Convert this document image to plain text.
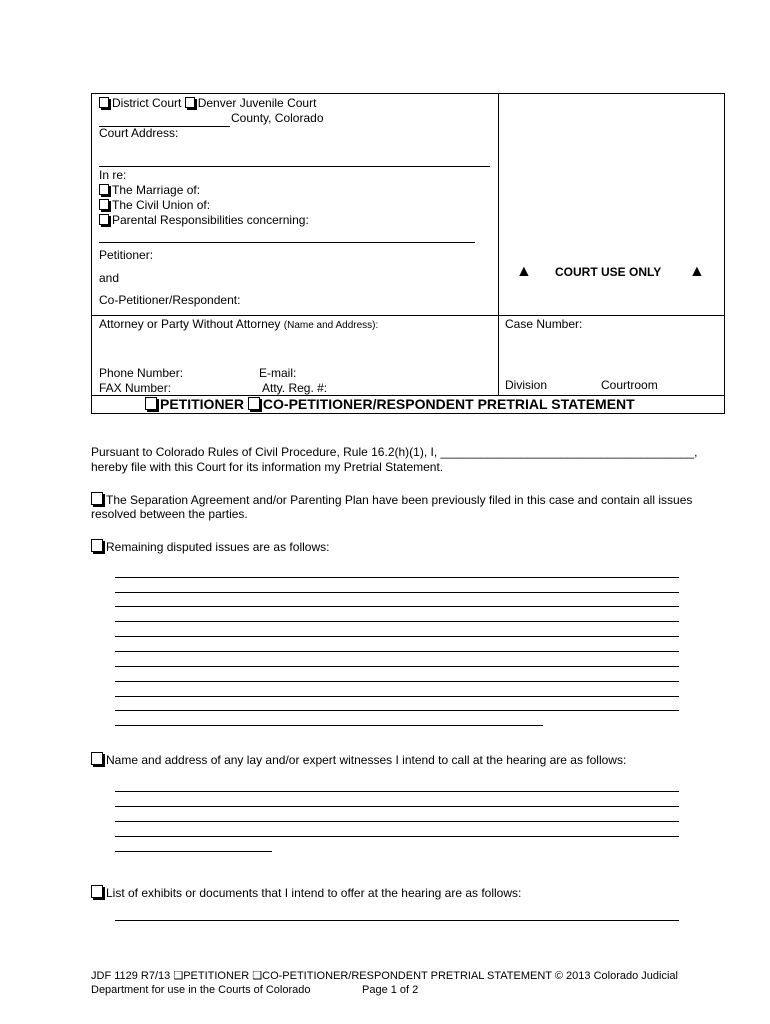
District Court Denver Juvenile Court
County, Colorado
Court Address:
In re:
The Marriage of:
The Civil Union of:
Parental Responsibilities concerning:
Petitioner:
and
Co-Petitioner/Respondent:
▲ COURT USE ONLY ▲
Attorney or Party Without Attorney (Name and Address):	Case Number:
Phone Number:	E-mail:
FAX Number:	Atty. Reg. #:	Division	Courtroom
PETITIONER CO-PETITIONER/RESPONDENT PRETRIAL STATEMENT
Pursuant to Colorado Rules of Civil Procedure, Rule 16.2(h)(1), I, ______________________________________,
hereby file with this Court for its information my Pretrial Statement.
The Separation Agreement and/or Parenting Plan have been previously filed in this case and contain all issues
resolved between the parties.
Remaining disputed issues are as follows:
Name and address of any lay and/or expert witnesses I intend to call at the hearing are as follows:
List of exhibits or documents that I intend to offer at the hearing are as follows:
JDF 1129 R7/13 ❑PETITIONER ❑CO-PETITIONER/RESPONDENT PRETRIAL STATEMENT © 2013 Colorado Judicial
Department for use in the Courts of Colorado	Page 1 of 2
